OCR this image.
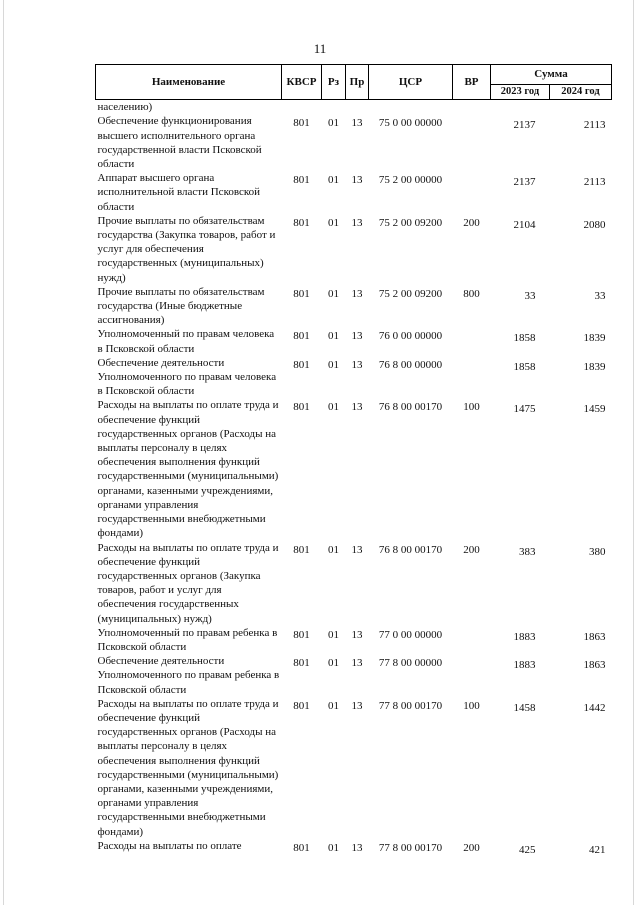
11
Наименование	КВСР	Рз	Пр	ЦСР	ВР	Сумма	
						2023 год	2024 год
населению)							
Обеспечение функционирования высшего исполнительного органа государственной власти Псковской области	801	01	13	75 0 00 00000		2137	2113
Аппарат высшего органа исполнительной власти Псковской области	801	01	13	75 2 00 00000		2137	2113
Прочие выплаты по обязательствам государства (Закупка товаров, работ и услуг для обеспечения государственных (муниципальных) нужд)	801	01	13	75 2 00 09200	200	2104	2080
Прочие выплаты по обязательствам государства (Иные бюджетные ассигнования)	801	01	13	75 2 00 09200	800	33	33
Уполномоченный по правам человека в Псковской области	801	01	13	76 0 00 00000		1858	1839
Обеспечение деятельности Уполномоченного по правам человека в Псковской области	801	01	13	76 8 00 00000		1858	1839
Расходы на выплаты по оплате труда и обеспечение функций государственных органов (Расходы на выплаты персоналу в целях обеспечения выполнения функций государственными (муниципальными) органами, казенными учреждениями, органами управления государственными внебюджетными фондами)	801	01	13	76 8 00 00170	100	1475	1459
Расходы на выплаты по оплате труда и обеспечение функций государственных органов (Закупка товаров, работ и услуг для обеспечения государственных (муниципальных) нужд)	801	01	13	76 8 00 00170	200	383	380
Уполномоченный по правам ребенка в Псковской области	801	01	13	77 0 00 00000		1883	1863
Обеспечение деятельности Уполномоченного по правам ребенка в Псковской области	801	01	13	77 8 00 00000		1883	1863
Расходы на выплаты по оплате труда и обеспечение функций государственных органов (Расходы на выплаты персоналу в целях обеспечения выполнения функций государственными (муниципальными) органами, казенными учреждениями, органами управления государственными внебюджетными фондами)	801	01	13	77 8 00 00170	100	1458	1442
Расходы на выплаты по оплате	801	01	13	77 8 00 00170	200	425	421
